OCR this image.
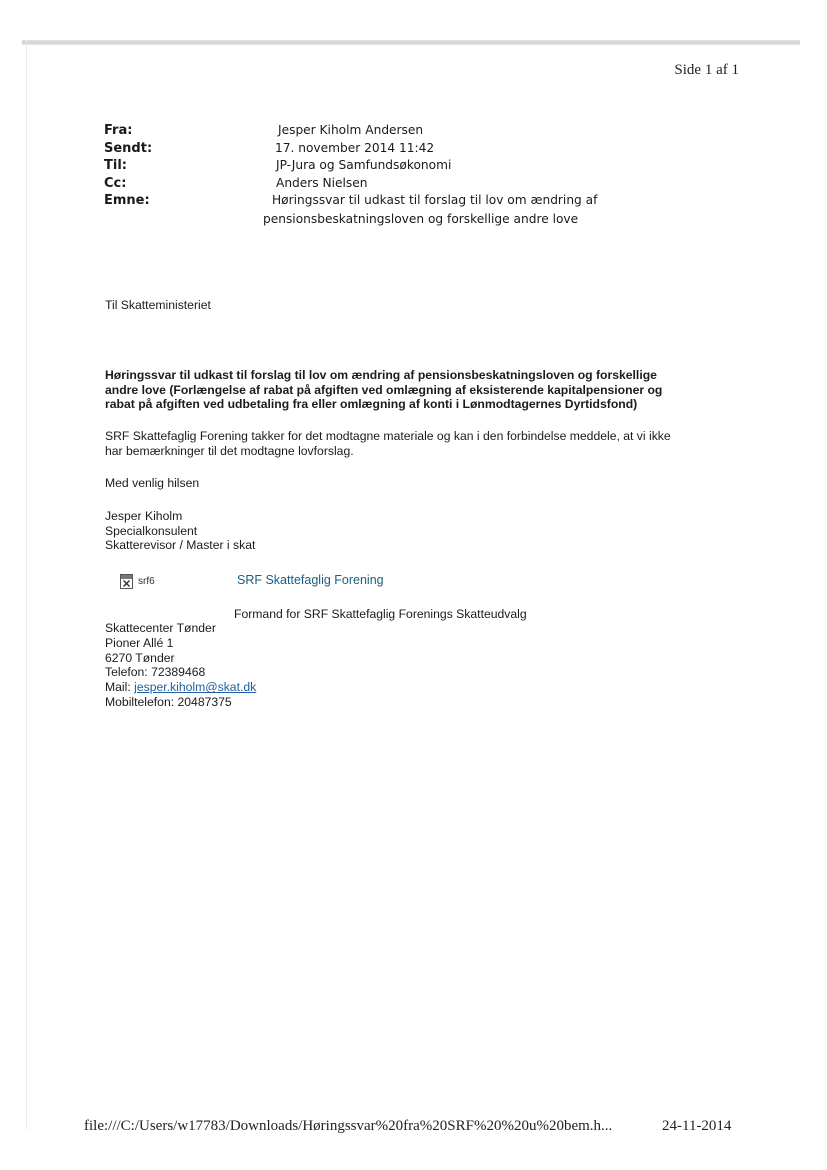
Side 1 af 1
Fra:	Jesper Kiholm Andersen
Sendt:	17. november 2014 11:42
Til:	JP-Jura og Samfundsøkonomi
Cc:	Anders Nielsen
Emne:	Høringssvar til udkast til forslag til lov om ændring af
pensionsbeskatningsloven og forskellige andre love
Til Skatteministeriet
Høringssvar til udkast til forslag til lov om ændring af pensionsbeskatningsloven og forskellige
andre love (Forlængelse af rabat på afgiften ved omlægning af eksisterende kapitalpensioner og
rabat på afgiften ved udbetaling fra eller omlægning af konti i Lønmodtagernes Dyrtidsfond)
SRF Skattefaglig Forening takker for det modtagne materiale og kan i den forbindelse meddele, at vi ikke
har bemærkninger til det modtagne lovforslag.
Med venlig hilsen
Jesper Kiholm
Specialkonsulent
Skatterevisor / Master i skat
srf6	SRF Skattefaglig Forening
Formand for SRF Skattefaglig Forenings Skatteudvalg
Skattecenter Tønder
Pioner Allé 1
6270 Tønder
Telefon: 72389468
Mail: jesper.kiholm@skat.dk
Mobiltelefon: 20487375
file:///C:/Users/w17783/Downloads/Høringssvar%20fra%20SRF%20%20u%20bem.h...	24-11-2014
